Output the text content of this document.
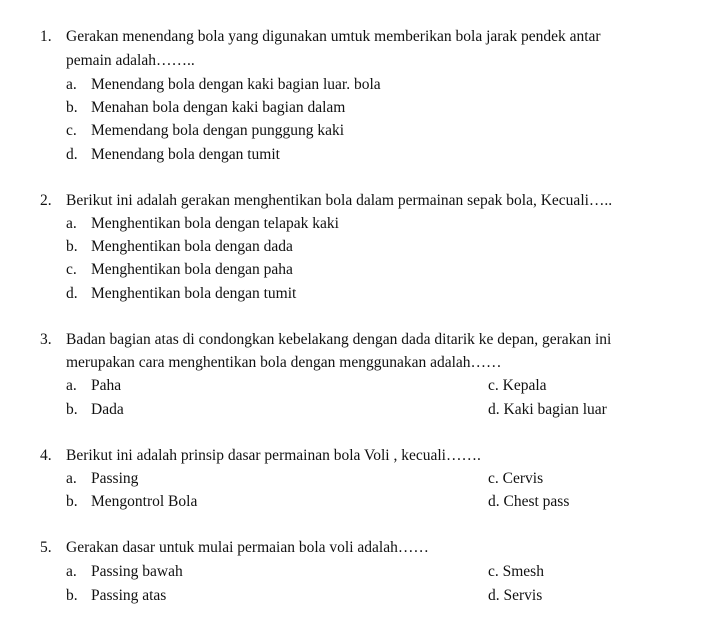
1. Gerakan menendang bola yang digunakan umtuk memberikan bola jarak pendek antar
pemain adalah……..
a. Menendang bola dengan kaki bagian luar. bola
b. Menahan bola dengan kaki bagian dalam
c. Memendang bola dengan punggung kaki
d. Menendang bola dengan tumit
2. Berikut ini adalah gerakan menghentikan bola dalam permainan sepak bola, Kecuali…..
a. Menghentikan bola dengan telapak kaki
b. Menghentikan bola dengan dada
c. Menghentikan bola dengan paha
d. Menghentikan bola dengan tumit
3. Badan bagian atas di condongkan kebelakang dengan dada ditarik ke depan, gerakan ini
merupakan cara menghentikan bola dengan menggunakan adalah……
a. Paha	c. Kepala
b. Dada	d. Kaki bagian luar
4. Berikut ini adalah prinsip dasar permainan bola Voli , kecuali…….
a. Passing	c. Cervis
b. Mengontrol Bola	d. Chest pass
5. Gerakan dasar untuk mulai permaian bola voli adalah……
a. Passing bawah	c. Smesh
b. Passing atas	d. Servis
